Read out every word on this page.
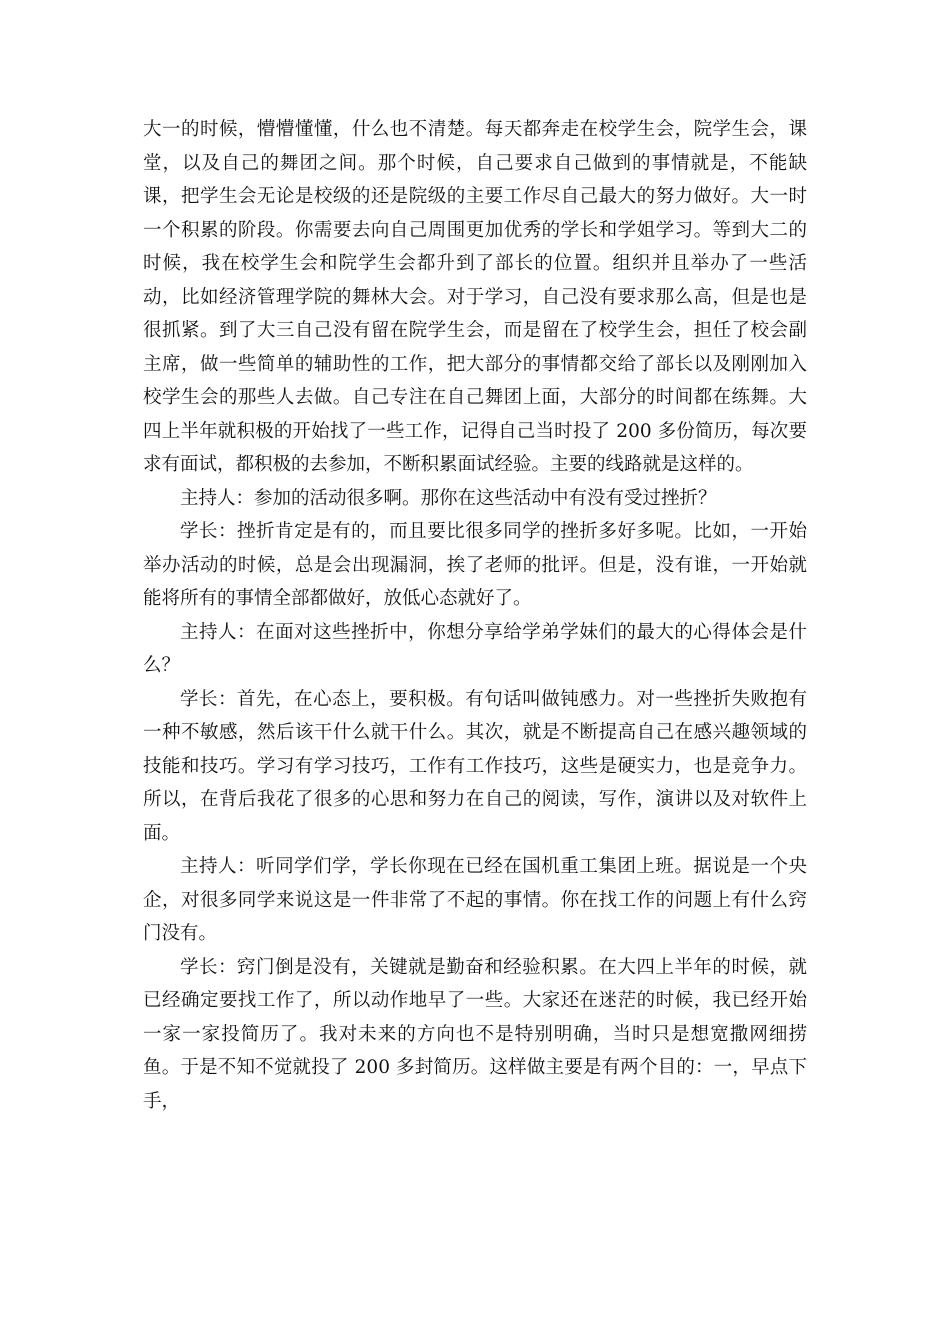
大一的时候，懵懵懂懂，什么也不清楚。每天都奔走在校学生会，院学生会，课堂，以及自己的舞团之间。那个时候，自己要求自己做到的事情就是，不能缺课，把学生会无论是校级的还是院级的主要工作尽自己最大的努力做好。大一时一个积累的阶段。你需要去向自己周围更加优秀的学长和学姐学习。等到大二的时候，我在校学生会和院学生会都升到了部长的位置。组织并且举办了一些活动，比如经济管理学院的舞林大会。对于学习，自己没有要求那么高，但是也是很抓紧。到了大三自己没有留在院学生会，而是留在了校学生会，担任了校会副主席，做一些简单的辅助性的工作，把大部分的事情都交给了部长以及刚刚加入校学生会的那些人去做。自己专注在自己舞团上面，大部分的时间都在练舞。大四上半年就积极的开始找了一些工作，记得自己当时投了 200 多份简历，每次要求有面试，都积极的去参加，不断积累面试经验。主要的线路就是这样的。

主持人：参加的活动很多啊。那你在这些活动中有没有受过挫折？

学长：挫折肯定是有的，而且要比很多同学的挫折多好多呢。比如，一开始举办活动的时候，总是会出现漏洞，挨了老师的批评。但是，没有谁，一开始就能将所有的事情全部都做好，放低心态就好了。

主持人：在面对这些挫折中，你想分享给学弟学妹们的最大的心得体会是什么？

学长：首先，在心态上，要积极。有句话叫做钝感力。对一些挫折失败抱有一种不敏感，然后该干什么就干什么。其次，就是不断提高自己在感兴趣领域的技能和技巧。学习有学习技巧，工作有工作技巧，这些是硬实力，也是竞争力。所以，在背后我花了很多的心思和努力在自己的阅读，写作，演讲以及对软件上面。

主持人：听同学们学，学长你现在已经在国机重工集团上班。据说是一个央企，对很多同学来说这是一件非常了不起的事情。你在找工作的问题上有什么窍门没有。

学长：窍门倒是没有，关键就是勤奋和经验积累。在大四上半年的时候，就已经确定要找工作了，所以动作地早了一些。大家还在迷茫的时候，我已经开始一家一家投简历了。我对未来的方向也不是特别明确，当时只是想宽撒网细捞鱼。于是不知不觉就投了 200 多封简历。这样做主要是有两个目的：一，早点下手，
